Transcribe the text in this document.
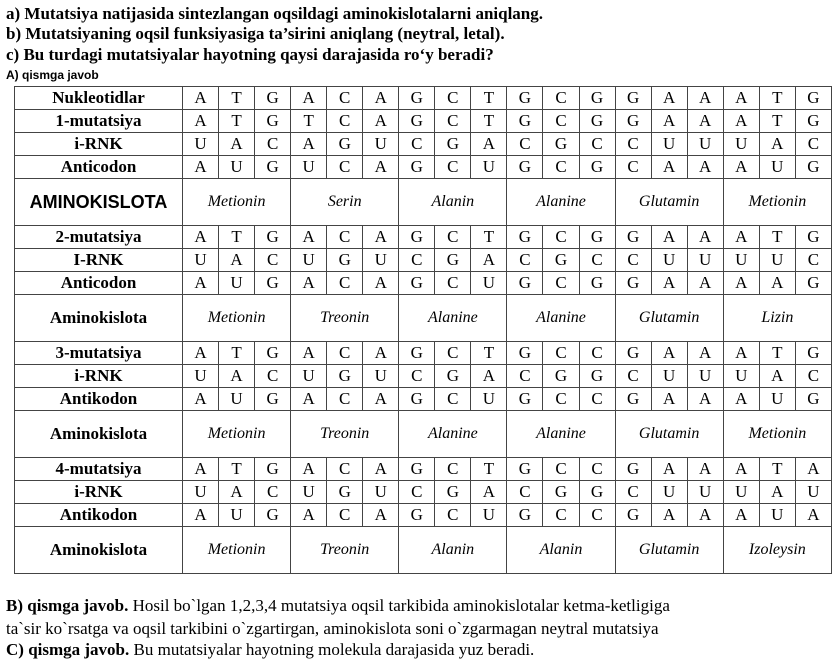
a) Mutatsiya natijasida sintezlangan oqsildagi aminokislotalarni aniqlang.
b) Mutatsiyaning oqsil funksiyasiga ta’sirini aniqlang (neytral, letal).
c) Bu turdagi mutatsiyalar hayotning qaysi darajasida ro‘y beradi?
A) qismga javob
Nukleotidlar	A	T	G	A	C	A	G	C	T	G	C	G	G	A	A	A	T	G
1-mutatsiya	A	T	G	T	C	A	G	C	T	G	C	G	G	A	A	A	T	G
i-RNK	U	A	C	A	G	U	C	G	A	C	G	C	C	U	U	U	A	C
Anticodon	A	U	G	U	C	A	G	C	U	G	C	G	C	A	A	A	U	G
AMINOKISLOTA	Metionin			Serin			Alanin			Alanine			Glutamin			Metionin		
2-mutatsiya	A	T	G	A	C	A	G	C	T	G	C	G	G	A	A	A	T	G
I-RNK	U	A	C	U	G	U	C	G	A	C	G	C	C	U	U	U	U	C
Anticodon	A	U	G	A	C	A	G	C	U	G	C	G	G	A	A	A	A	G
Aminokislota	Metionin			Treonin			Alanine			Alanine			Glutamin			Lizin		
3-mutatsiya	A	T	G	A	C	A	G	C	T	G	C	C	G	A	A	A	T	G
i-RNK	U	A	C	U	G	U	C	G	A	C	G	G	C	U	U	U	A	C
Antikodon	A	U	G	A	C	A	G	C	U	G	C	C	G	A	A	A	U	G
Aminokislota	Metionin			Treonin			Alanine			Alanine			Glutamin			Metionin		
4-mutatsiya	A	T	G	A	C	A	G	C	T	G	C	C	G	A	A	A	T	A
i-RNK	U	A	C	U	G	U	C	G	A	C	G	G	C	U	U	U	A	U
Antikodon	A	U	G	A	C	A	G	C	U	G	C	C	G	A	A	A	U	A
Aminokislota	Metionin			Treonin			Alanin			Alanin			Glutamin			Izoleysin		
B) qismga javob. Hosil bo`lgan 1,2,3,4 mutatsiya oqsil tarkibida aminokislotalar ketma-ketligiga
ta`sir ko`rsatga va oqsil tarkibini o`zgartirgan, aminokislota soni o`zgarmagan neytral mutatsiya
C) qismga javob. Bu mutatsiyalar hayotning molekula darajasida yuz beradi.
